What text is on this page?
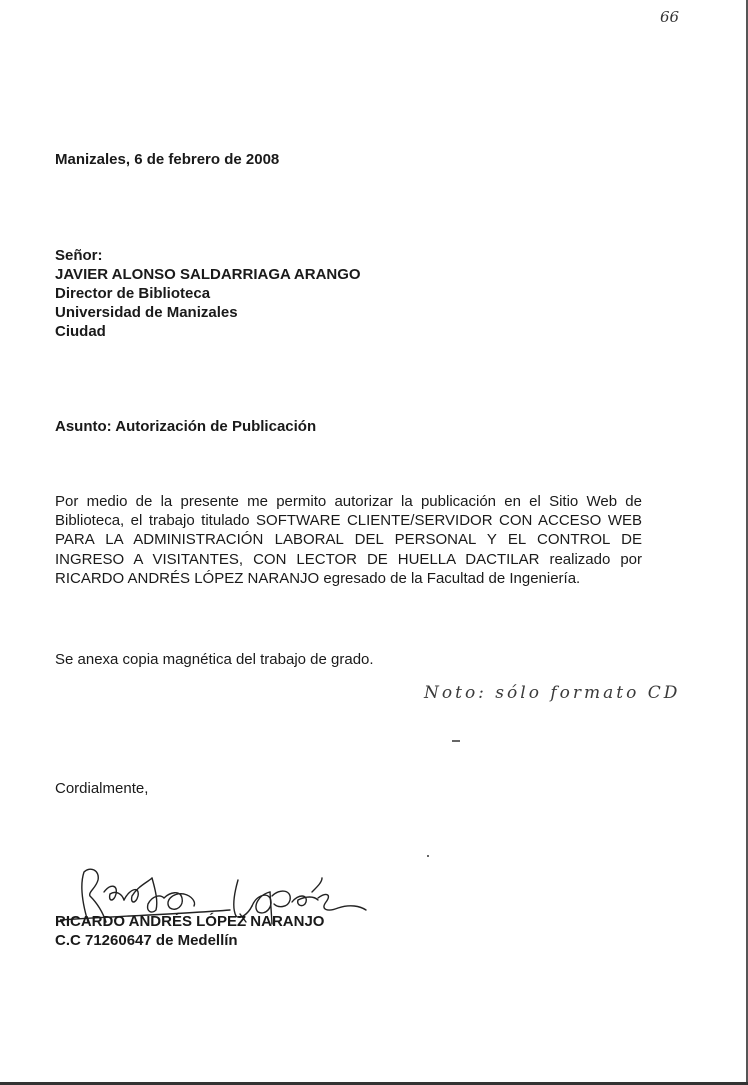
66
Manizales, 6 de febrero de 2008
Señor:
JAVIER ALONSO SALDARRIAGA ARANGO
Director de Biblioteca
Universidad de Manizales
Ciudad
Asunto: Autorización de Publicación
Por medio de la presente me permito autorizar la publicación en el Sitio Web de Biblioteca, el trabajo titulado SOFTWARE CLIENTE/SERVIDOR CON ACCESO WEB PARA LA ADMINISTRACIÓN LABORAL DEL PERSONAL Y EL CONTROL DE INGRESO A VISITANTES, CON LECTOR DE HUELLA DACTILAR realizado por RICARDO ANDRÉS LÓPEZ NARANJO egresado de la Facultad de Ingeniería.
Se anexa copia magnética del trabajo de grado.
Noto: sólo formato CD
Cordialmente,
RICARDO ANDRÉS LÓPEZ NARANJO
C.C 71260647 de Medellín
